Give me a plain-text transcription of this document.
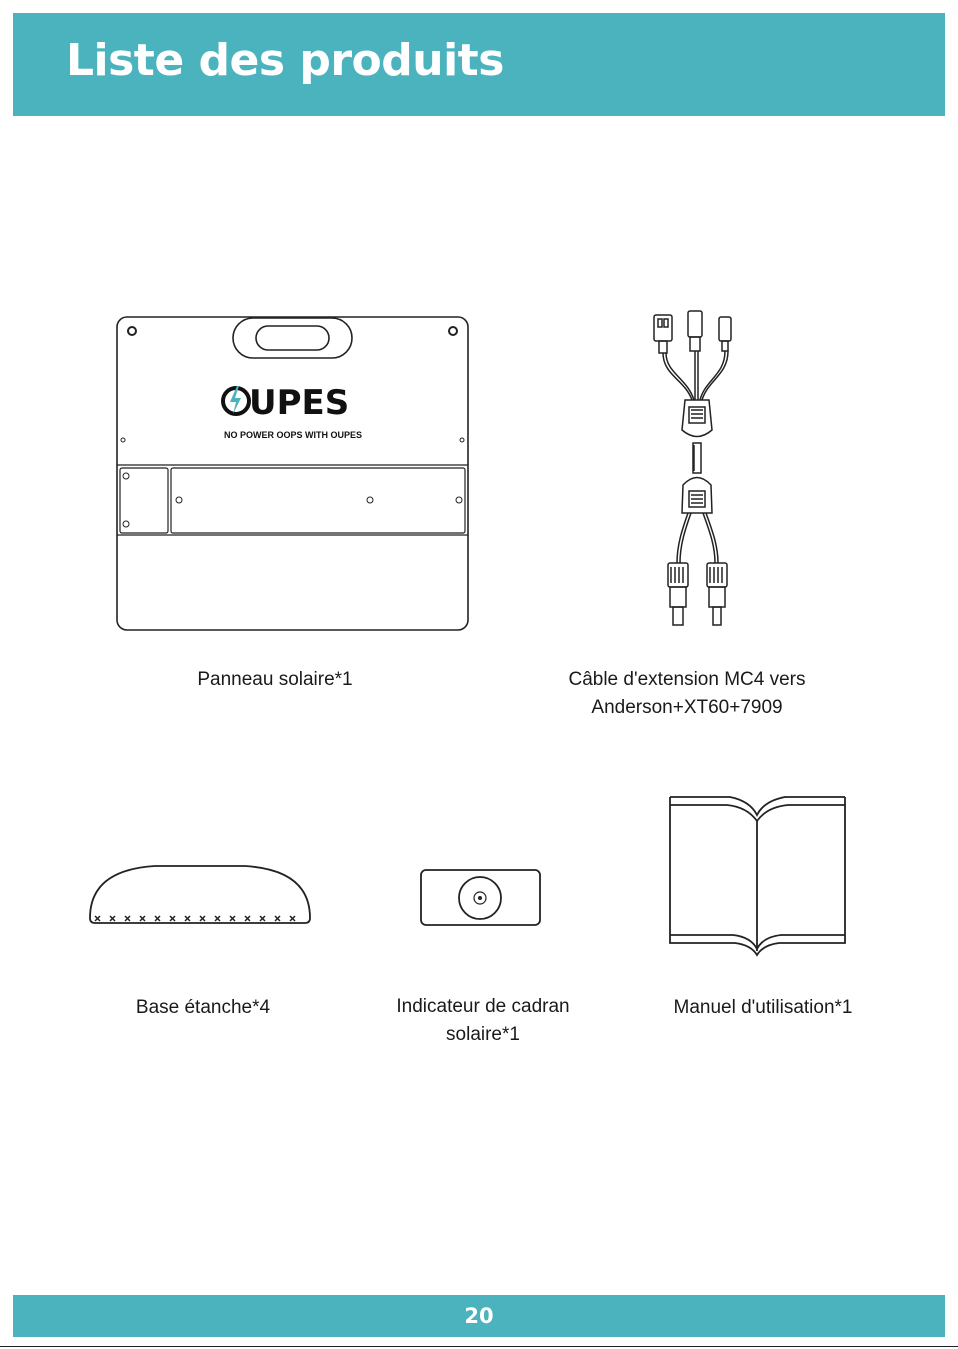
Liste des produits
UPES
NO POWER OOPS WITH OUPES
Panneau solaire*1	Câble d'extension MC4 vers
Anderson+XT60+7909
Base étanche*4	Indicateur de cadran
solaire*1
Manuel d'utilisation*1
20
